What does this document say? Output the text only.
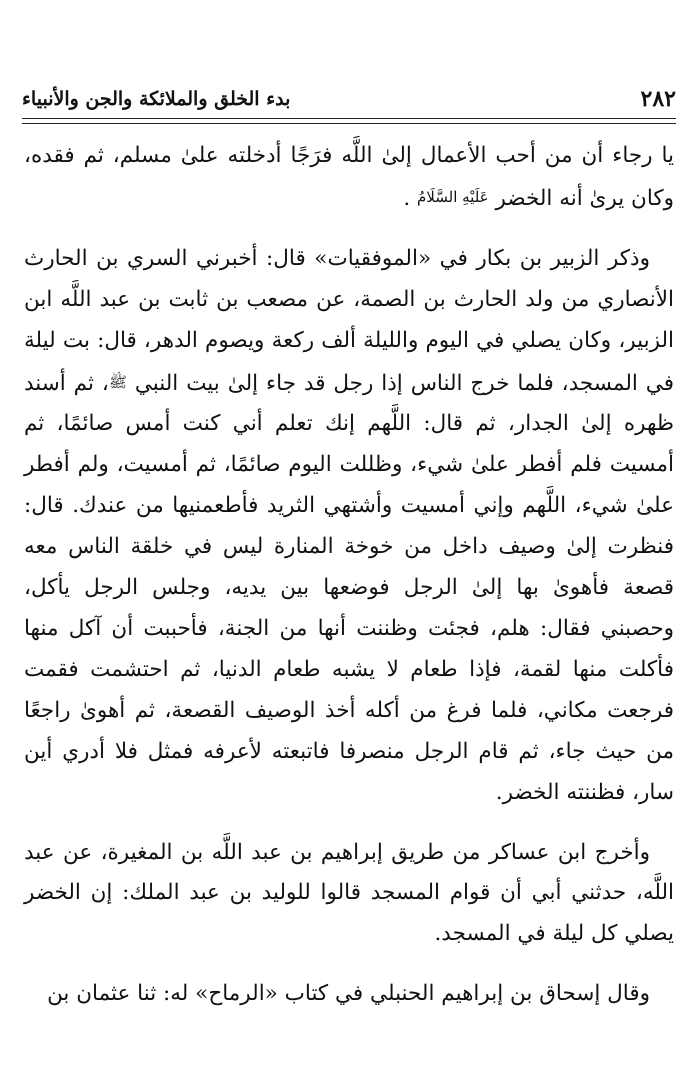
٢٨٢
بدء الخلق والملائكة والجن والأنبياء

يا رجاء أن من أحب الأعمال إلىٰ اللَّه فرَجًا أدخلته علىٰ مسلم، ثم فقده، وكان يرىٰ أنه الخضر عَلَيْهِ السَّلَامُ .

وذكر الزبير بن بكار في «الموفقيات» قال: أخبرني السري بن الحارث الأنصاري من ولد الحارث بن الصمة، عن مصعب بن ثابت بن عبد اللَّه ابن الزبير، وكان يصلي في اليوم والليلة ألف ركعة ويصوم الدهر، قال: بت ليلة في المسجد، فلما خرج الناس إذا رجل قد جاء إلىٰ بيت النبي ﷺ، ثم أسند ظهره إلىٰ الجدار، ثم قال: اللَّهم إنك تعلم أني كنت أمس صائمًا، ثم أمسيت فلم أفطر علىٰ شيء، وظللت اليوم صائمًا، ثم أمسيت، ولم أفطر علىٰ شيء، اللَّهم وإني أمسيت وأشتهي الثريد فأطعمنيها من عندك. قال: فنظرت إلىٰ وصيف داخل من خوخة المنارة ليس في خلقة الناس معه قصعة فأهوىٰ بها إلىٰ الرجل فوضعها بين يديه، وجلس الرجل يأكل، وحصبني فقال: هلم، فجئت وظننت أنها من الجنة، فأحببت أن آكل منها فأكلت منها لقمة، فإذا طعام لا يشبه طعام الدنيا، ثم احتشمت فقمت فرجعت مكاني، فلما فرغ من أكله أخذ الوصيف القصعة، ثم أهوىٰ راجعًا من حيث جاء، ثم قام الرجل منصرفا فاتبعته لأعرفه فمثل فلا أدري أين سار، فظننته الخضر.

وأخرج ابن عساكر من طريق إبراهيم بن عبد اللَّه بن المغيرة، عن عبد اللَّه، حدثني أبي أن قوام المسجد قالوا للوليد بن عبد الملك: إن الخضر يصلي كل ليلة في المسجد.

وقال إسحاق بن إبراهيم الحنبلي في كتاب «الرماح» له: ثنا عثمان بن
